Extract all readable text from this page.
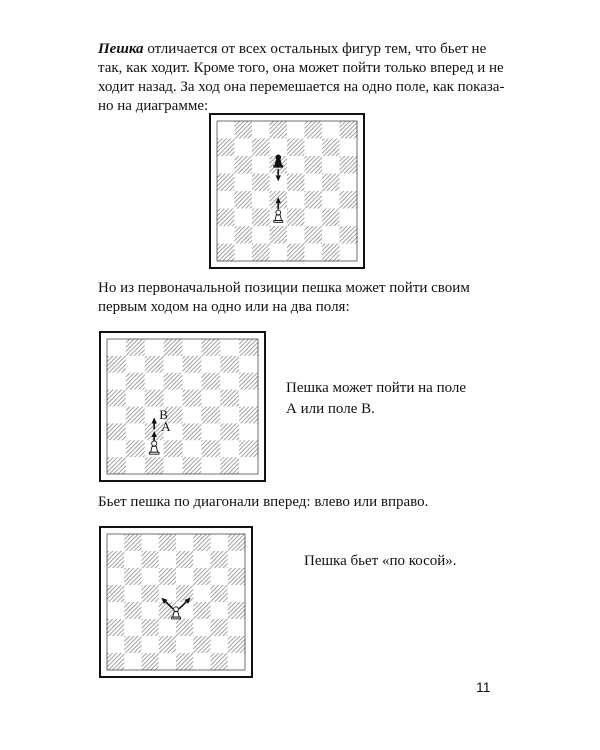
Пешка отличается от всех остальных фигур тем, что бьет не
так, как ходит. Кроме того, она может пойти только вперед и не
ходит назад. За ход она перемешается на одно поле, как показа-
но на диаграмме:
Но из первоначальной позиции пешка может пойти своим
первым ходом на одно или на два поля:
A
B
Пешка может пойти на поле
А или поле В.
Бьет пешка по диагонали вперед: влево или вправо.
Пешка бьет «по косой».
11
